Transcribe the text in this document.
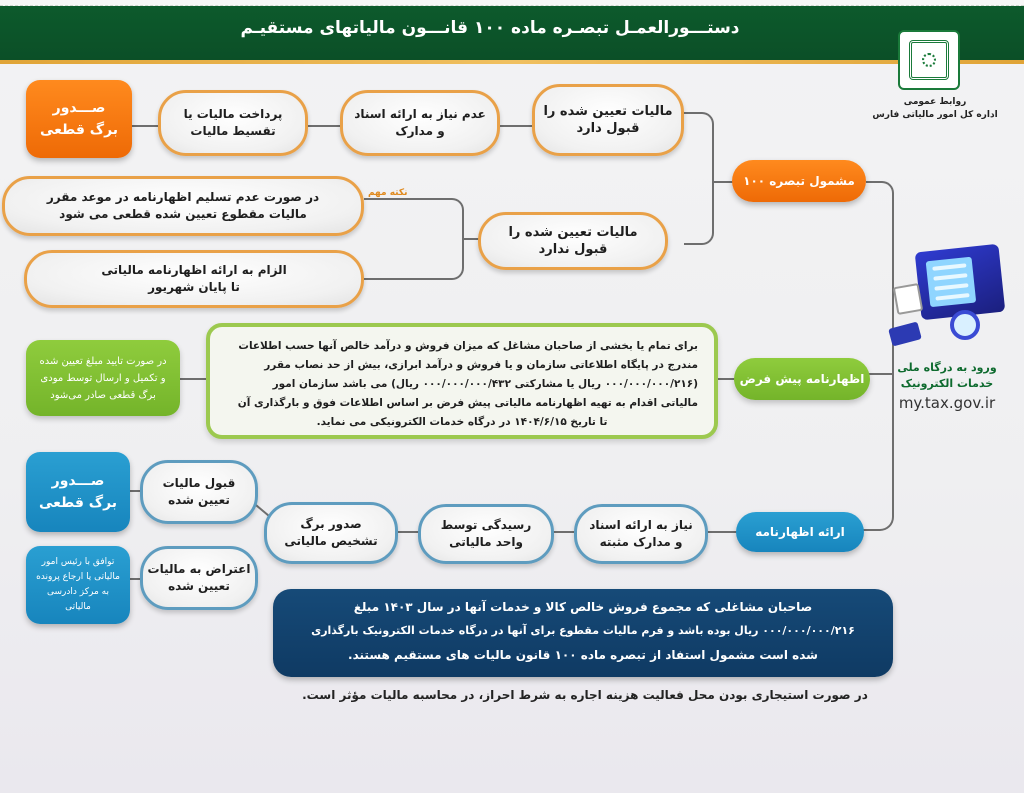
دستـــورالعمـل تبصـره ماده ۱۰۰ قانـــون مالیاتهای مستقیـم
روابط عمومی
اداره کل امور مالیاتی فارس
صـــدور
برگ قطعی
پرداخت مالیات یا
تقسیط مالیات
عدم نیاز به ارائه اسناد
و مدارک
مالیات تعیین شده را
قبول دارد
مشمول تبصره ۱۰۰
نکته مهم
در صورت عدم تسلیم اظهارنامه در موعد مقرر
مالیات مقطوع تعیین شده قطعی می شود
الزام به ارائه اظهارنامه مالیاتی
تا پایان شهریور
مالیات تعیین شده را
قبول ندارد
ورود به درگاه ملی
خدمات الکترونیک
my.tax.gov.ir
در صورت تایید مبلغ تعیین شده
و تکمیل و ارسال توسط مودی
برگ قطعی صادر می‌شود
برای تمام یا بخشی از صاحبان مشاغل که میزان فروش و درآمد خالص آنها حسب اطلاعات
مندرج در پایگاه اطلاعاتی سازمان و یا فروش و درآمد ابرازی، بیش از حد نصاب مقرر
(۰۰۰/۰۰۰/۰۰۰/۲۱۶ ریال یا مشارکتی ۰۰۰/۰۰۰/۰۰۰/۴۳۲ ریال) می باشد سازمان امور
مالیاتی اقدام به تهیه اظهارنامه مالیاتی پیش فرض بر اساس اطلاعات فوق و بارگذاری آن
تا تاریخ ۱۴۰۴/۶/۱۵ در درگاه خدمات الکترونیکی می نماید.
اظهارنامه پیش فرض
ارائه اظهارنامه
نیاز به ارائه اسناد
و مدارک مثبته
رسیدگی توسط
واحد مالیاتی
صدور برگ
تشخیص مالیاتی
قبول مالیات
تعیین شده
اعتراض به مالیات
تعیین شده
صـــدور
برگ قطعی
توافق با رئیس امور
مالیاتی یا ارجاع پرونده
به مرکز دادرسی
مالیاتی	صاحبان مشاغلی که مجموع فروش خالص کالا و خدمات آنها در سال ۱۴۰۳ مبلغ
۰۰۰/۰۰۰/۰۰۰/۲۱۶ ریال بوده باشد و فرم مالیات مقطوع برای آنها در درگاه خدمات الکترونیک بارگذاری
شده است مشمول استفاد از تبصره ماده ۱۰۰ قانون مالیات های مستقیم هستند.
در صورت استیجاری بودن محل فعالیت هزینه اجاره به شرط احراز، در محاسبه مالیات مؤثر است.
